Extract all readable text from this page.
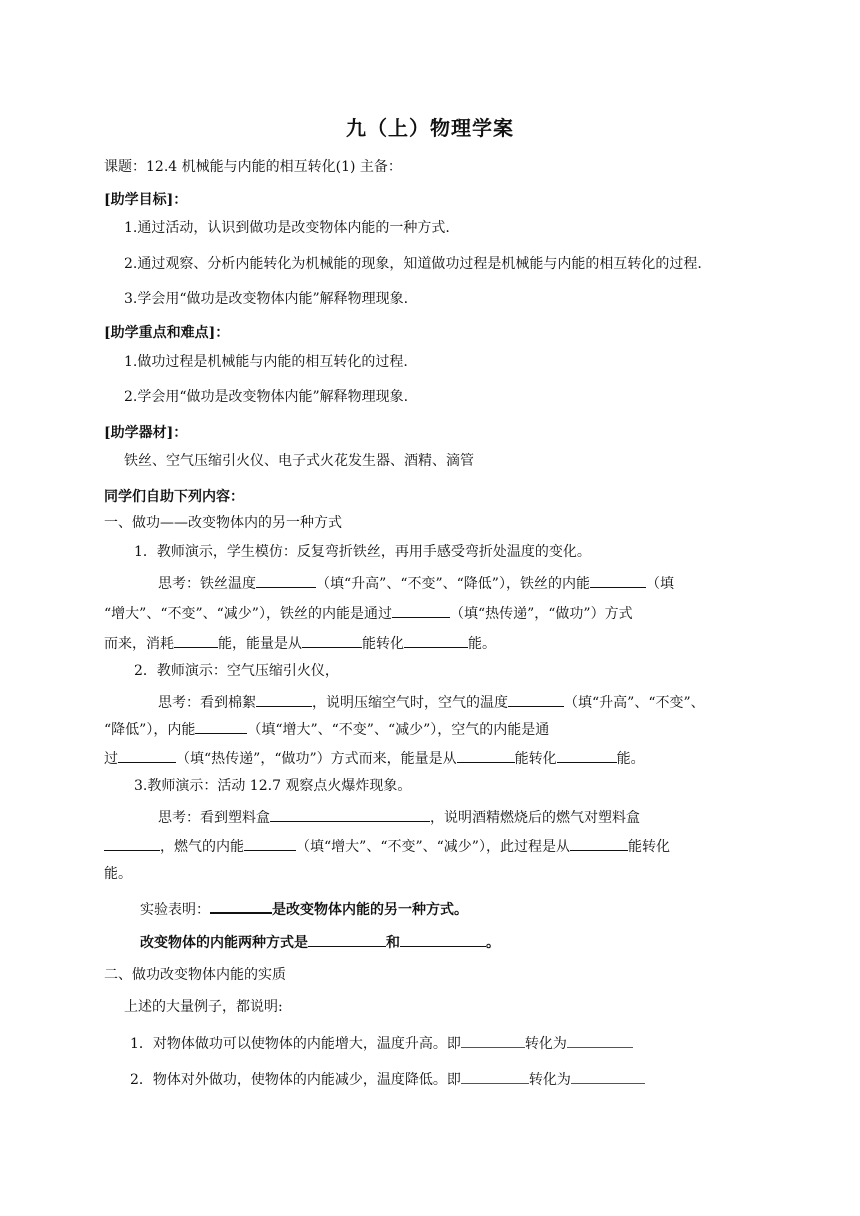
九（上）物理学案
课题：12.4 机械能与内能的相互转化(1) 主备：
[助学目标]：
1.通过活动，认识到做功是改变物体内能的一种方式.
2.通过观察、分析内能转化为机械能的现象，知道做功过程是机械能与内能的相互转化的过程.
3.学会用“做功是改变物体内能”解释物理现象.
[助学重点和难点]：
1.做功过程是机械能与内能的相互转化的过程.
2.学会用“做功是改变物体内能”解释物理现象.
[助学器材]：
铁丝、空气压缩引火仪、电子式火花发生器、酒精、滴管
同学们自助下列内容：
一、做功——改变物体内的另一种方式
1．教师演示，学生模仿：反复弯折铁丝，再用手感受弯折处温度的变化。
思考：铁丝温度	（填“升高”、“不变”、“降低”），铁丝的内能	（填
“增大”、“不变”、“减少”），铁丝的内能是通过	（填“热传递”，“做功”）方式
而来，消耗	能，能量是从	能转化	能。
2．教师演示：空气压缩引火仪，
思考：看到棉絮	，说明压缩空气时，空气的温度	（填“升高”、“不变”、
“降低”），内能	（填“增大”、“不变”、“减少”），空气的内能是通
过	（填“热传递”，“做功”）方式而来，能量是从	能转化	能。
3.教师演示：活动 12.7 观察点火爆炸现象。
思考：看到塑料盒	，说明酒精燃烧后的燃气对塑料盒
，燃气的内能	（填“增大”、“不变”、“减少”），此过程是从	能转化
能。
实验表明：	是改变物体内能的另一种方式。
改变物体的内能两种方式是	和	。
二、做功改变物体内能的实质
上述的大量例子，都说明:
1．对物体做功可以使物体的内能增大，温度升高。即	转化为
2．物体对外做功，使物体的内能减少，温度降低。即	转化为
